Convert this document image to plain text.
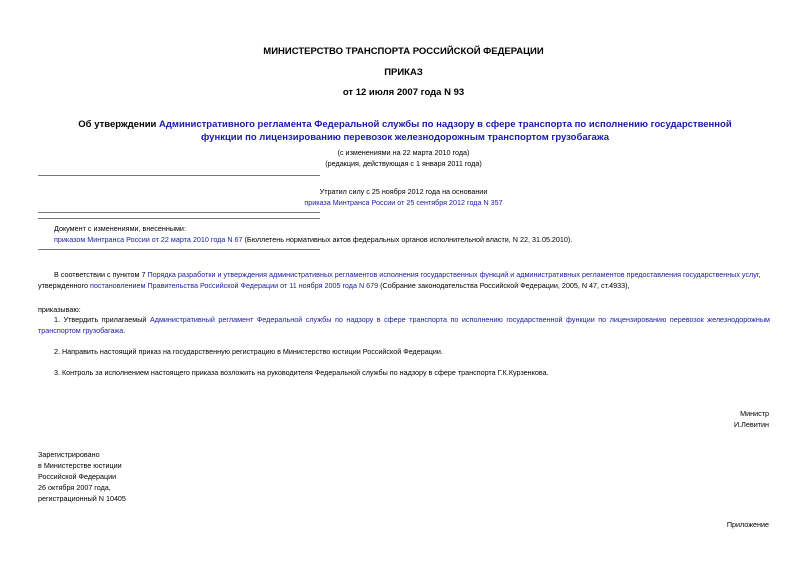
МИНИСТЕРСТВО ТРАНСПОРТА РОССИЙСКОЙ ФЕДЕРАЦИИ
ПРИКАЗ
от 12 июля 2007 года N 93
Об утверждении Административного регламента Федеральной службы по надзору в сфере транспорта по исполнению государственной функции по лицензированию перевозок железнодорожным транспортом грузобагажа
(с изменениями на 22 марта 2010 года)
(редакция, действующая с 1 января 2011 года)
Утратил силу с 25 ноября 2012 года на основании
приказа Минтранса России от 25 сентября 2012 года N 357
Документ с изменениями, внесенными:
приказом Минтранса России от 22 марта 2010 года N 67 (Бюллетень нормативных актов федеральных органов исполнительной власти, N 22, 31.05.2010).
В соответствии с пунктом 7 Порядка разработки и утверждения административных регламентов исполнения государственных функций и административных регламентов предоставления государственных услуг, утвержденного постановлением Правительства Российской Федерации от 11 ноября 2005 года N 679 (Собрание законодательства Российской Федерации, 2005, N 47, ст.4933),
приказываю:
1. Утвердить прилагаемый Административный регламент Федеральной службы по надзору в сфере транспорта по исполнению государственной функции по лицензированию перевозок железнодорожным транспортом грузобагажа.
2. Направить настоящий приказ на государственную регистрацию в Министерство юстиции Российской Федерации.
3. Контроль за исполнением настоящего приказа возложить на руководителя Федеральной службы по надзору в сфере транспорта Г.К.Курзенкова.
Министр
И.Левитин
Зарегистрировано
в Министерстве юстиции
Российской Федерации
26 октября 2007 года,
регистрационный N 10405
Приложение
